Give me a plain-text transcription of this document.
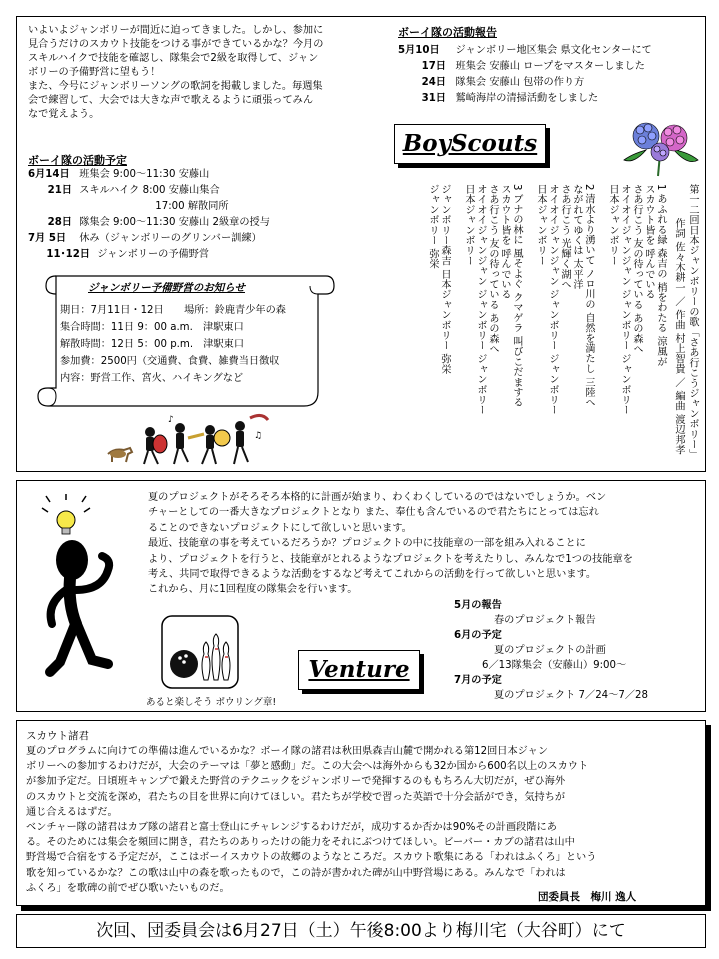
いよいよジャンボリーが間近に迫ってきました。しかし、参加に
見合うだけのスカウト技能をつける事ができているかな？今月の
スキルハイクで技能を確認し、隊集会で2級を取得して、ジャン
ボリーの予備野営に望もう！
また、今号にジャンボリーソングの歌詞を掲載しました。毎週集
会で練習して、大会では大きな声で歌えるように頑張ってみん
なで覚えよう。
ボーイ隊の活動報告
5月10日 ジャンボリー地区集会 県文化センターにて
17日 班集会 安藤山 ロープをマスターしました
24日 隊集会 安藤山 包帯の作り方
31日 鷲崎海岸の清掃活動をしました
BoyScouts
ボーイ隊の活動予定
6月14日 班集会 9:00〜11:30 安藤山
21日 スキルハイク 8:00 安藤山集合
17:00 解散同所
28日 隊集会 9:00〜11:30 安藤山 2級章の授与
7月 5日 休み（ジャンボリーのグリンバー訓練）
11･12日 ジャンボリーの予備野営
ジャンボリー予備野営のお知らせ
期日：7月11日・12日　　場所：鈴鹿青少年の森
集合時間：11日 9：00 a.m.　津駅東口
解散時間：12日 5：00 p.m.　津駅東口
参加費：2500円（交通費、食費、雑費当日徴収
内容：野営工作、宮火、ハイキングなど
♪
♫	第一二回日本ジャンボリーの歌「さあ行こうジャンボリー」
作詞 佐々木耕一 ／ 作曲 村上智貴 ／ 編曲 渡辺邦孝
1 あふれる緑 森吉の 梢をわたる 涼風が
スカウト皆を 呼んでいる
さあ行こう 友の待っている あの森へ
オイオイジャンジャン ジャンボリー ジャンボリー
日本ジャンボリー
2 清水より湧いて ノロ川の 自然を満たし 三陸へ
ながれてゆくは 太平洋
さあ行こう 光輝く湖へ
オイオイジャンジャン ジャンボリー ジャンボリー
日本ジャンボリー
3 ブナの林に 風そよぐ クマゲラ 叫びこだまする
スカウト皆を 呼んでいる
さあ行こう 友の待っている あの森へ
オイオイジャンジャン ジャンボリー ジャンボリー
日本ジャンボリー
ジャンボリー森吉 日本ジャンボリー 弥栄
ジャンボリー 弥栄
夏のプロジェクトがそろそろ本格的に計画が始まり、わくわくしているのではないでしょうか。ベン
チャーとしての一番大きなプロジェクトとなり また、奉仕も含んでいるので君たちにとっては忘れ
ることのできないプロジェクトにして欲しいと思います。
最近、技能章の事を考えているだろうか？プロジェクトの中に技能章の一部を組み入れることに
より、プロジェクトを行うと、技能章がとれるようなプロジェクトを考えたりし、みんなで1つの技能章を
考え、共同で取得できるような活動をするなど考えてこれからの活動を行って欲しいと思います。
これから、月に1回程度の隊集会を行います。
あると楽しそう ボウリング章!
Venture
5月の報告
春のプロジェクト報告
6月の予定
夏のプロジェクトの計画
6／13隊集会（安藤山）9:00〜
7月の予定
夏のプロジェクト 7／24〜7／28
スカウト諸君
夏のプログラムに向けての準備は進んでいるかな？ボーイ隊の諸君は秋田県森吉山麓で開かれる第12回日本ジャン
ボリーへの参加するわけだが，大会のテーマは「夢と感動」だ。この大会へは海外からも32か国から600名以上のスカウト
が参加予定だ。日頃班キャンプで鍛えた野営のテクニックをジャンボリーで発揮するのももちろん大切だが，ぜひ海外
のスカウトと交流を深め，君たちの目を世界に向けてほしい。君たちが学校で習った英語で十分会話ができ，気持ちが
通じ合えるはずだ。
ベンチャー隊の諸君はカブ隊の諸君と富士登山にチャレンジするわけだが，成功するか否かは90%その計画段階にあ
る。そのためには集会を頻回に開き，君たちのありったけの能力をそれにぶつけてほしい。ビーバー・カブの諸君は山中
野営場で合宿をする予定だが，ここはボーイスカウトの故郷のようなところだ。スカウト歌集にある「われはふくろ」という
歌を知っているかな？この歌は山中の森を歌ったもので，この詩が書かれた碑が山中野営場にある。みんなで「われは
ふくろ」を歌碑の前でぜひ歌いたいものだ。
団委員長　梅川 逸人
次回、団委員会は6月27日（土）午後8:00より梅川宅（大谷町）にて
